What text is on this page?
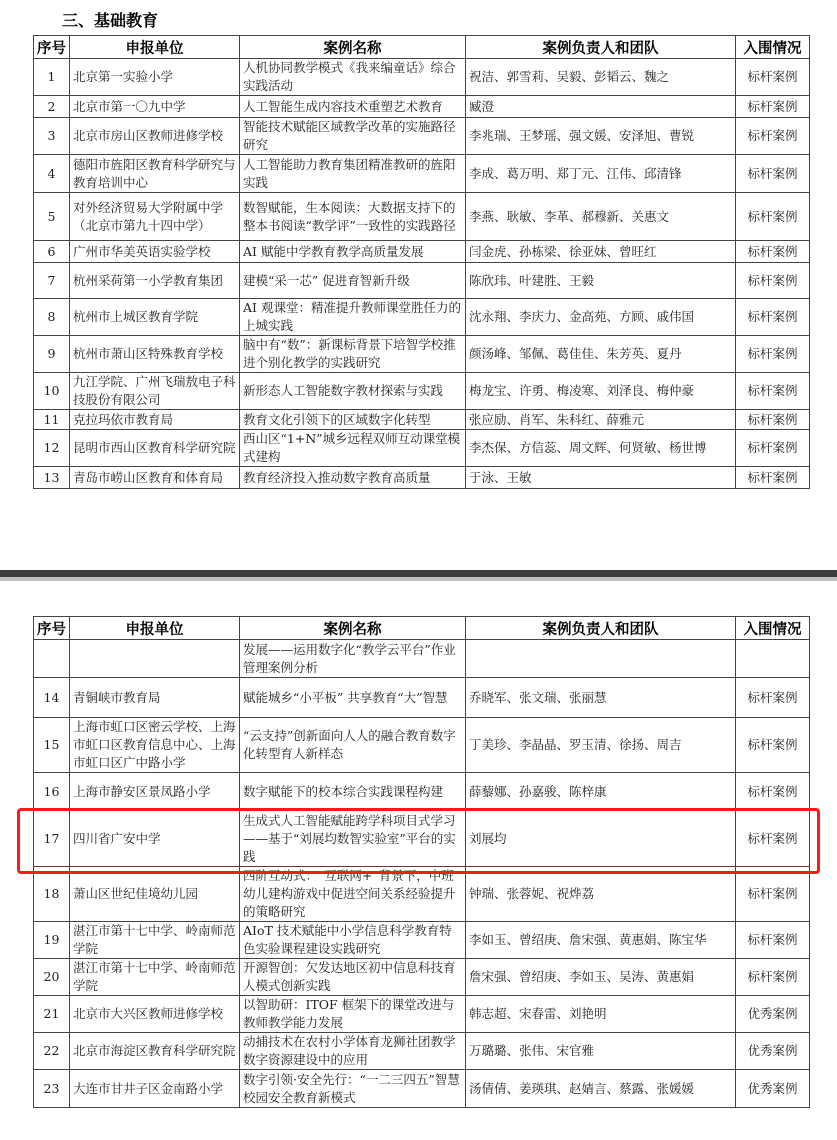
三、基础教育
序号	申报单位	案例名称	案例负责人和团队	入围情况
1	北京第一实验小学	人机协同教学模式《我来编童话》综合实践活动	祝洁、郭雪莉、吴毅、彭韬云、魏之	标杆案例
2	北京市第一〇九中学	人工智能生成内容技术重塑艺术教育	臧澄	标杆案例
3	北京市房山区教师进修学校	智能技术赋能区域教学改革的实施路径研究	李兆瑞、王梦瑶、强文媛、安泽旭、曹锐	标杆案例
4	德阳市旌阳区教育科学研究与教育培训中心	人工智能助力教育集团精准教研的旌阳实践	李成、葛万明、郑丁元、江伟、邱清锋	标杆案例
5	对外经济贸易大学附属中学（北京市第九十四中学）	数智赋能，生本阅读：大数据支持下的整本书阅读“教学评”一致性的实践路径	李燕、耿敏、李革、郝穆新、关惠文	标杆案例
6	广州市华美英语实验学校	AI 赋能中学教育教学高质量发展	闫金虎、孙栋梁、徐亚妹、曾旺红	标杆案例
7	杭州采荷第一小学教育集团	建模“采一芯” 促进育智新升级	陈欣玮、叶建胜、王毅	标杆案例
8	杭州市上城区教育学院	AI 观课堂：精准提升教师课堂胜任力的上城实践	沈永翔、李庆力、金高苑、方顾、戚伟国	标杆案例
9	杭州市萧山区特殊教育学校	脑中有“数”：新课标背景下培智学校推进个别化教学的实践研究	颜汤峰、邹佩、葛佳佳、朱芳英、夏丹	标杆案例
10	九江学院、广州飞瑞敖电子科技股份有限公司	新形态人工智能数字教材探索与实践	梅龙宝、许勇、梅凌寒、刘泽良、梅仲豪	标杆案例
11	克拉玛依市教育局	教育文化引领下的区域数字化转型	张应励、肖军、朱科红、薛雅元	标杆案例
12	昆明市西山区教育科学研究院	西山区“1+N”城乡远程双师互动课堂模式建构	李杰保、方信蕊、周文辉、何贤敏、杨世博	标杆案例
13	青岛市崂山区教育和体育局	教育经济投入推动数字教育高质量	于泳、王敏	标杆案例
序号	申报单位	案例名称	案例负责人和团队	入围情况
		发展——运用数字化“教学云平台”作业管理案例分析		
14	青铜峡市教育局	赋能城乡“小平板” 共享教育“大”智慧	乔晓军、张文瑞、张丽慧	标杆案例
15	上海市虹口区密云学校、上海市虹口区教育信息中心、上海市虹口区广中路小学	“云支持”创新面向人人的融合教育数字化转型育人新样态	丁美珍、李晶晶、罗玉清、徐扬、周吉	标杆案例
16	上海市静安区景凤路小学	数字赋能下的校本综合实践课程构建	薛藜娜、孙嘉骏、陈梓康	标杆案例
17	四川省广安中学	生成式人工智能赋能跨学科项目式学习——基于“刘展均数智实验室”平台的实践	刘展均	标杆案例
18	萧山区世纪佳境幼儿园	四阶互动式：“互联网+”背景下，中班幼儿建构游戏中促进空间关系经验提升的策略研究	钟瑞、张蓉妮、祝烨荔	标杆案例
19	湛江市第十七中学、岭南师范学院	AIoT 技术赋能中小学信息科学教育特色实验课程建设实践研究	李如玉、曾绍庚、詹宋强、黄惠娟、陈宝华	标杆案例
20	湛江市第十七中学、岭南师范学院	开源智创：欠发达地区初中信息科技育人模式创新实践	詹宋强、曾绍庚、李如玉、吴涛、黄惠娟	标杆案例
21	北京市大兴区教师进修学校	以智助研：ITOF 框架下的课堂改进与教师教学能力发展	韩志超、宋春雷、刘艳明	优秀案例
22	北京市海淀区教育科学研究院	动捕技术在农村小学体育龙狮社团教学数字资源建设中的应用	万璐璐、张伟、宋官雅	优秀案例
23	大连市甘井子区金南路小学	数字引领·安全先行：“一二三四五”智慧校园安全教育新模式	汤倩倩、姜瑛琪、赵婧言、蔡露、张媛媛	优秀案例
